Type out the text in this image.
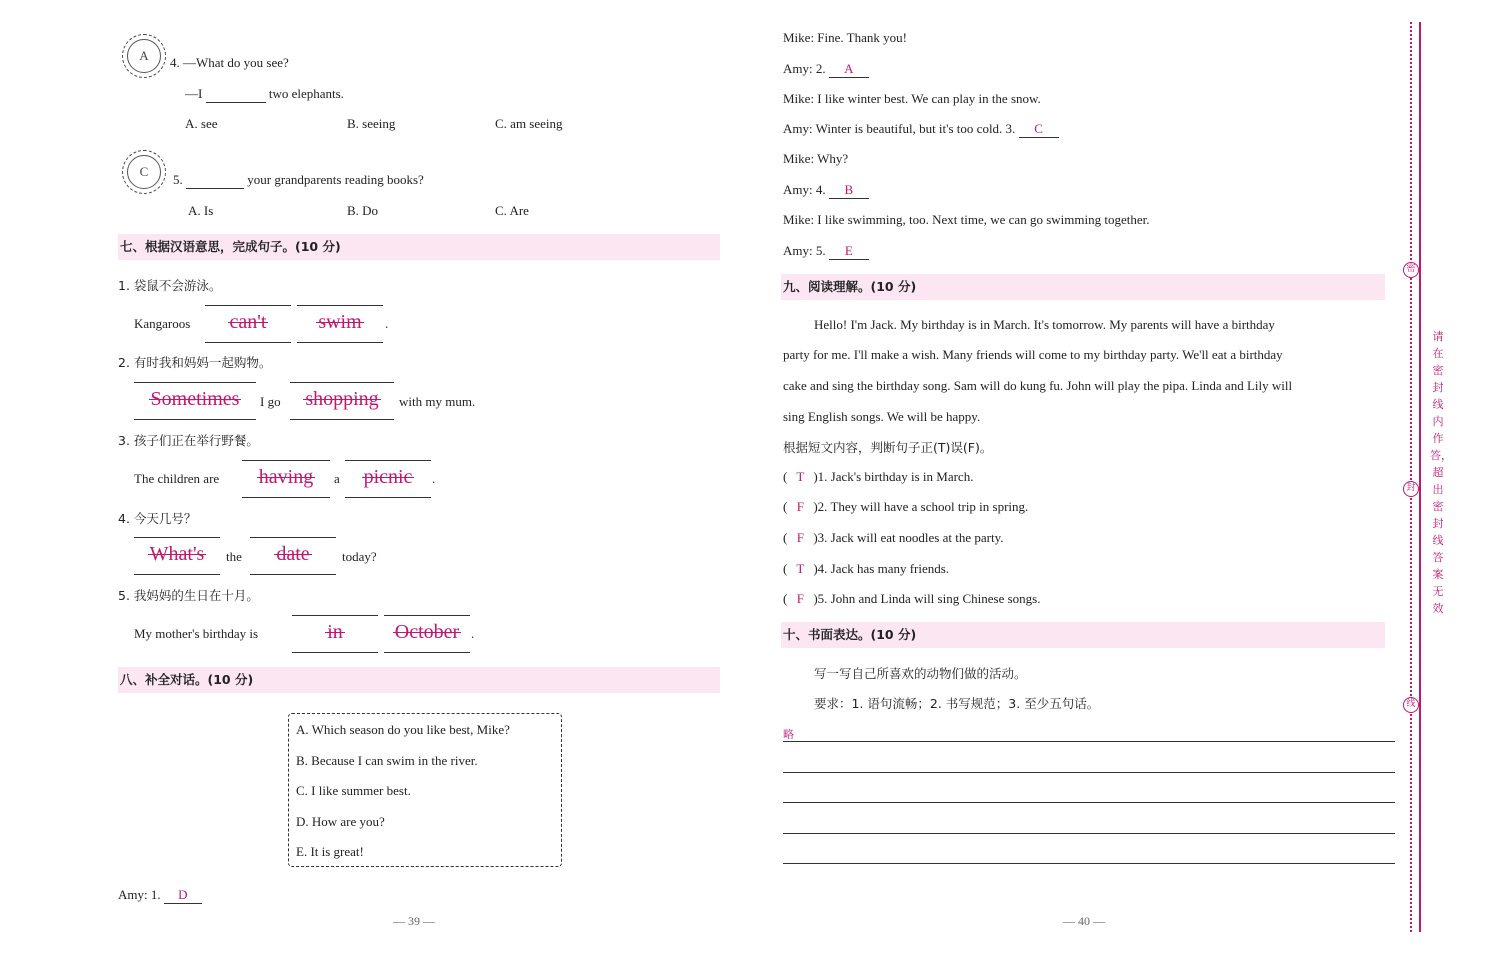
A 4. —What do you see?
—I	two elephants.
A. see	B. seeing	C. am seeing
C
5.	your grandparents reading books?
A. Is	B. Do	C. Are
七、根据汉语意思，完成句子。(10 分)
1. 袋鼠不会游泳。
Kangaroos	can't	swim	.
2. 有时我和妈妈一起购物。
Sometimes	I go	shopping	with my mum.
3. 孩子们正在举行野餐。
The children are	having	a	picnic	.
4. 今天几号？
What's	the	date	today?
5. 我妈妈的生日在十月。
My mother's birthday is	in	October .
八、补全对话。(10 分)
A. Which season do you like best, Mike?
B. Because I can swim in the river.
C. I like summer best.
D. How are you?
E. It is great!
Amy: 1. D
— 39 —
Mike: Fine. Thank you!
Amy: 2. A
Mike: I like winter best. We can play in the snow.
Amy: Winter is beautiful, but it's too cold. 3. C
Mike: Why?
Amy: 4. B
Mike: I like swimming, too. Next time, we can go swimming together.
Amy: 5. E
九、阅读理解。(10 分)
Hello! I'm Jack. My birthday is in March. It's tomorrow. My parents will have a birthday
party for me. I'll make a wish. Many friends will come to my birthday party. We'll eat a birthday
cake and sing the birthday song. Sam will do kung fu. John will play the pipa. Linda and Lily will
sing English songs. We will be happy.
根据短文内容，判断句子正(T)误(F)。
( T )1. Jack's birthday is in March.
( F )2. They will have a school trip in spring.
( F )3. Jack will eat noodles at the party.
( T )4. Jack has many friends.
( F )5. John and Linda will sing Chinese songs.
十、书面表达。(10 分)
写一写自己所喜欢的动物们做的活动。
要求：1. 语句流畅；2. 书写规范；3. 至少五句话。
略
— 40 —
密
封
线
请在密封线内作答，超出密封线答案无效
